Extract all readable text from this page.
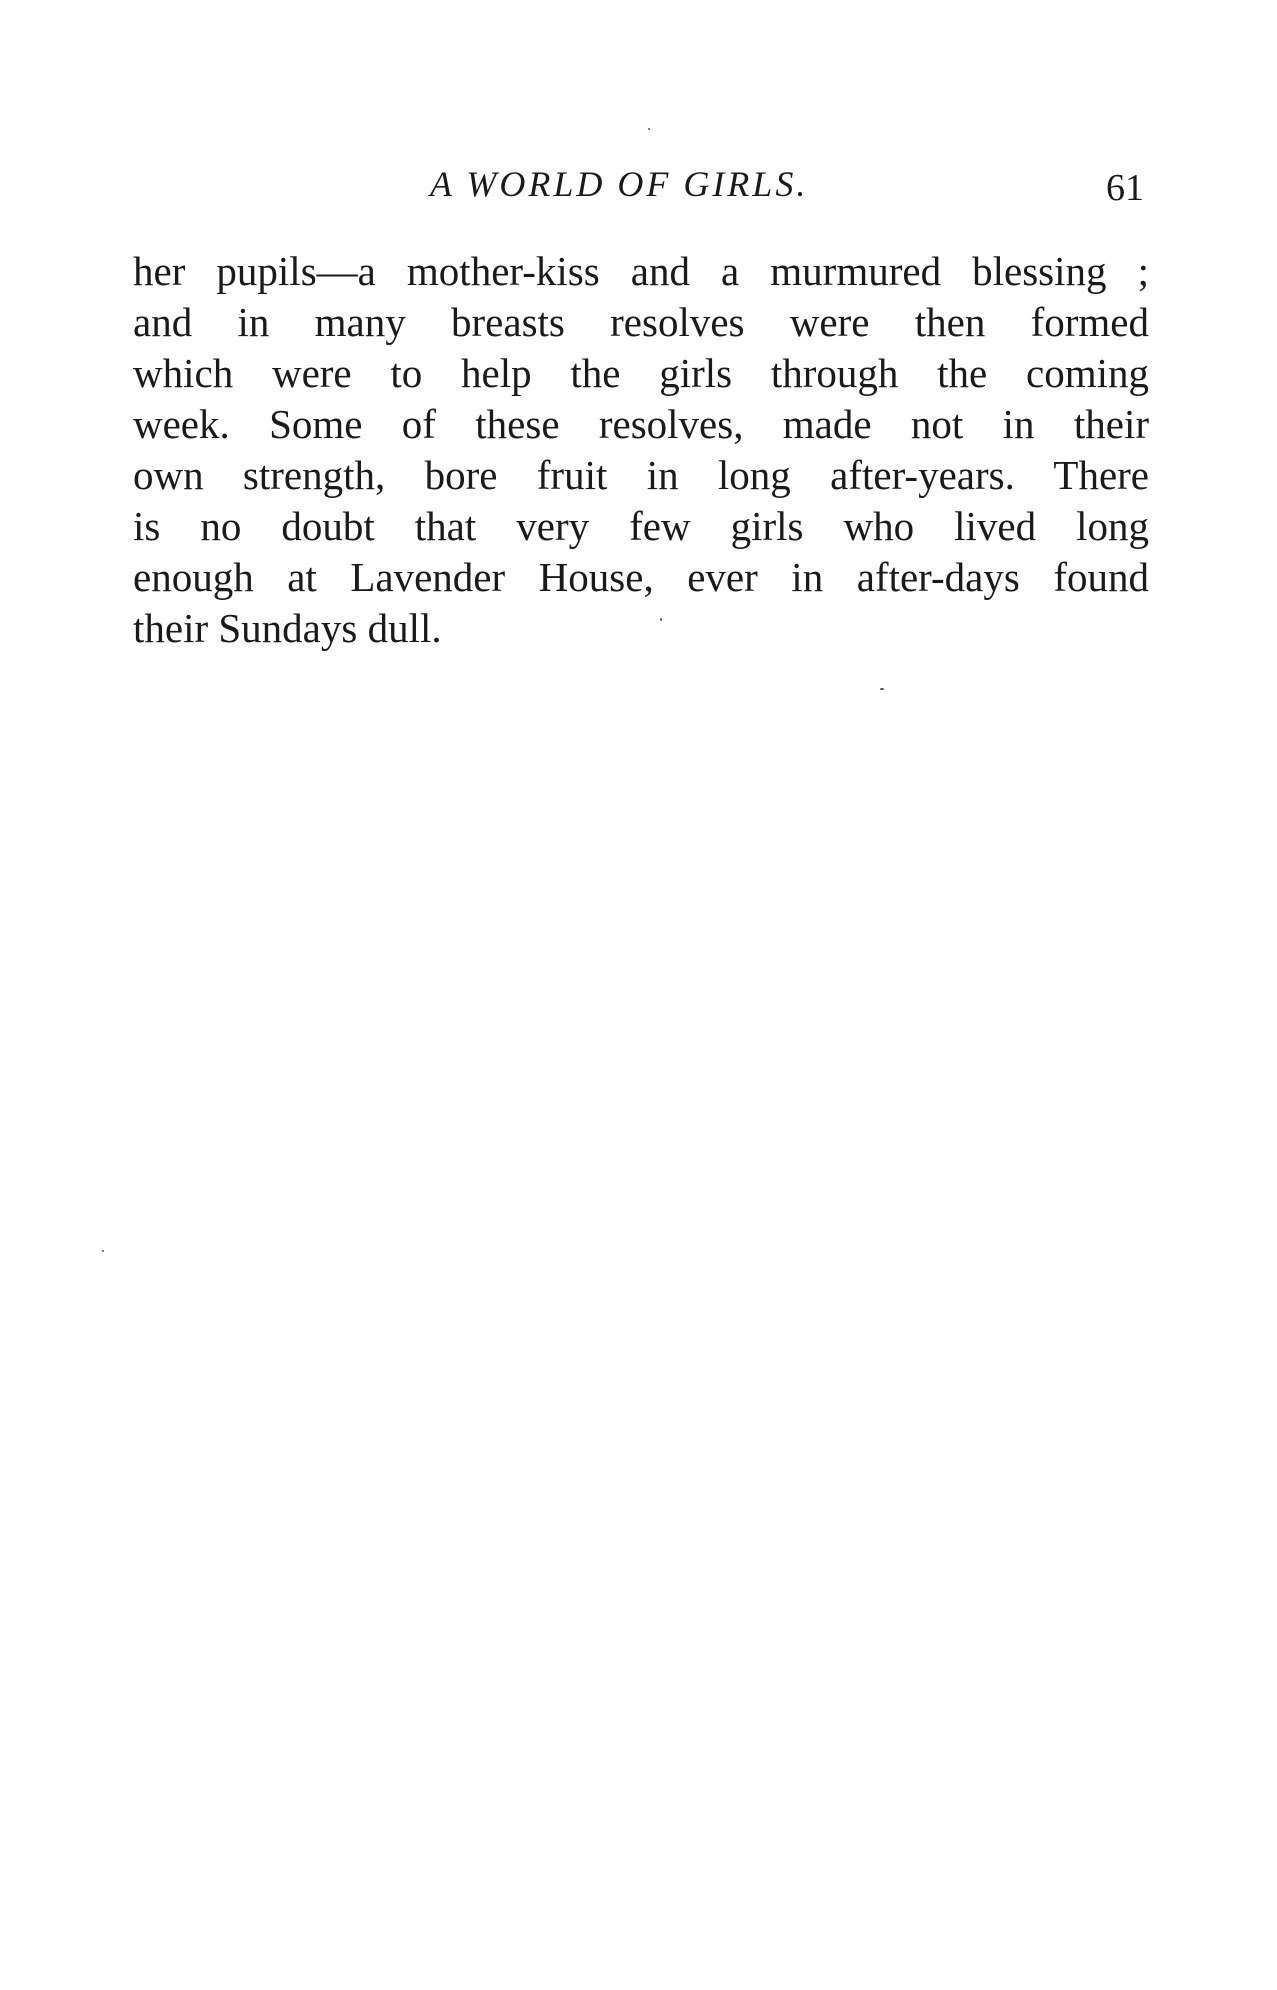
A WORLD OF GIRLS.	61
her pupils—a mother-kiss and a murmured blessing ;
and in many breasts resolves were then formed
which were to help the girls through the coming
week. Some of these resolves, made not in their
own strength, bore fruit in long after-years. There
is no doubt that very few girls who lived long
enough at Lavender House, ever in after-days found
their Sundays dull.
